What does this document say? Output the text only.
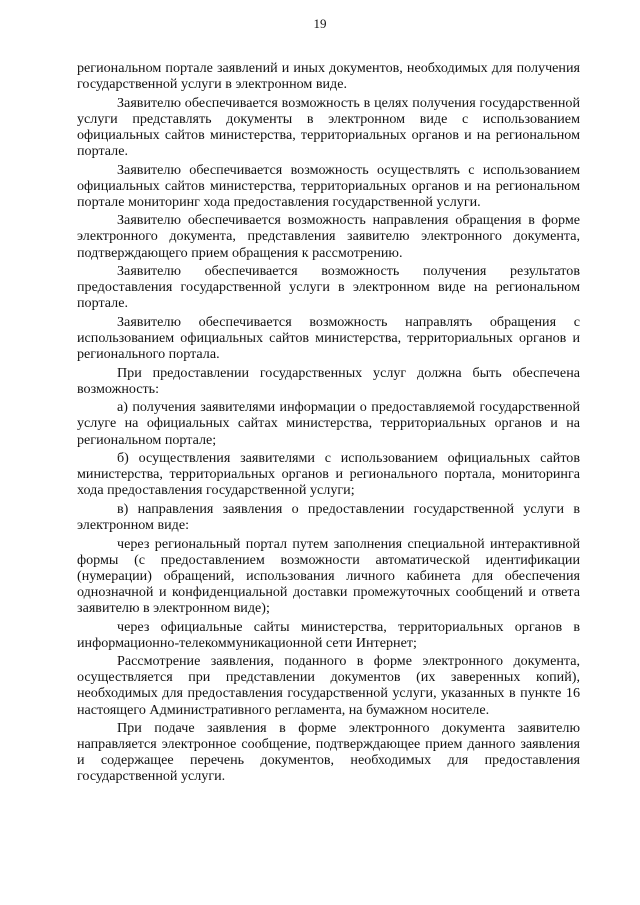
19

региональном портале заявлений и иных документов, необходимых для получения государственной услуги в электронном виде.

Заявителю обеспечивается возможность в целях получения государственной услуги представлять документы в электронном виде с использованием официальных сайтов министерства, территориальных органов и на региональном портале.

Заявителю обеспечивается возможность осуществлять с использованием официальных сайтов министерства, территориальных органов и на региональном портале мониторинг хода предоставления государственной услуги.

Заявителю обеспечивается возможность направления обращения в форме электронного документа, представления заявителю электронного документа, подтверждающего прием обращения к рассмотрению.

Заявителю обеспечивается возможность получения результатов предоставления государственной услуги в электронном виде на региональном портале.

Заявителю обеспечивается возможность направлять обращения с использованием официальных сайтов министерства, территориальных органов и регионального портала.

При предоставлении государственных услуг должна быть обеспечена возможность:

а) получения заявителями информации о предоставляемой государственной услуге на официальных сайтах министерства, территориальных органов и на региональном портале;

б) осуществления заявителями с использованием официальных сайтов министерства, территориальных органов и регионального портала, мониторинга хода предоставления государственной услуги;

в) направления заявления о предоставлении государственной услуги в электронном виде:

через региональный портал путем заполнения специальной интерактивной формы (с предоставлением возможности автоматической идентификации (нумерации) обращений, использования личного кабинета для обеспечения однозначной и конфиденциальной доставки промежуточных сообщений и ответа заявителю в электронном виде);

через официальные сайты министерства, территориальных органов в информационно-телекоммуникационной сети Интернет;

Рассмотрение заявления, поданного в форме электронного документа, осуществляется при представлении документов (их заверенных копий), необходимых для предоставления государственной услуги, указанных в пункте 16 настоящего Административного регламента, на бумажном носителе.

При подаче заявления в форме электронного документа заявителю направляется электронное сообщение, подтверждающее прием данного заявления и содержащее перечень документов, необходимых для предоставления государственной услуги.
